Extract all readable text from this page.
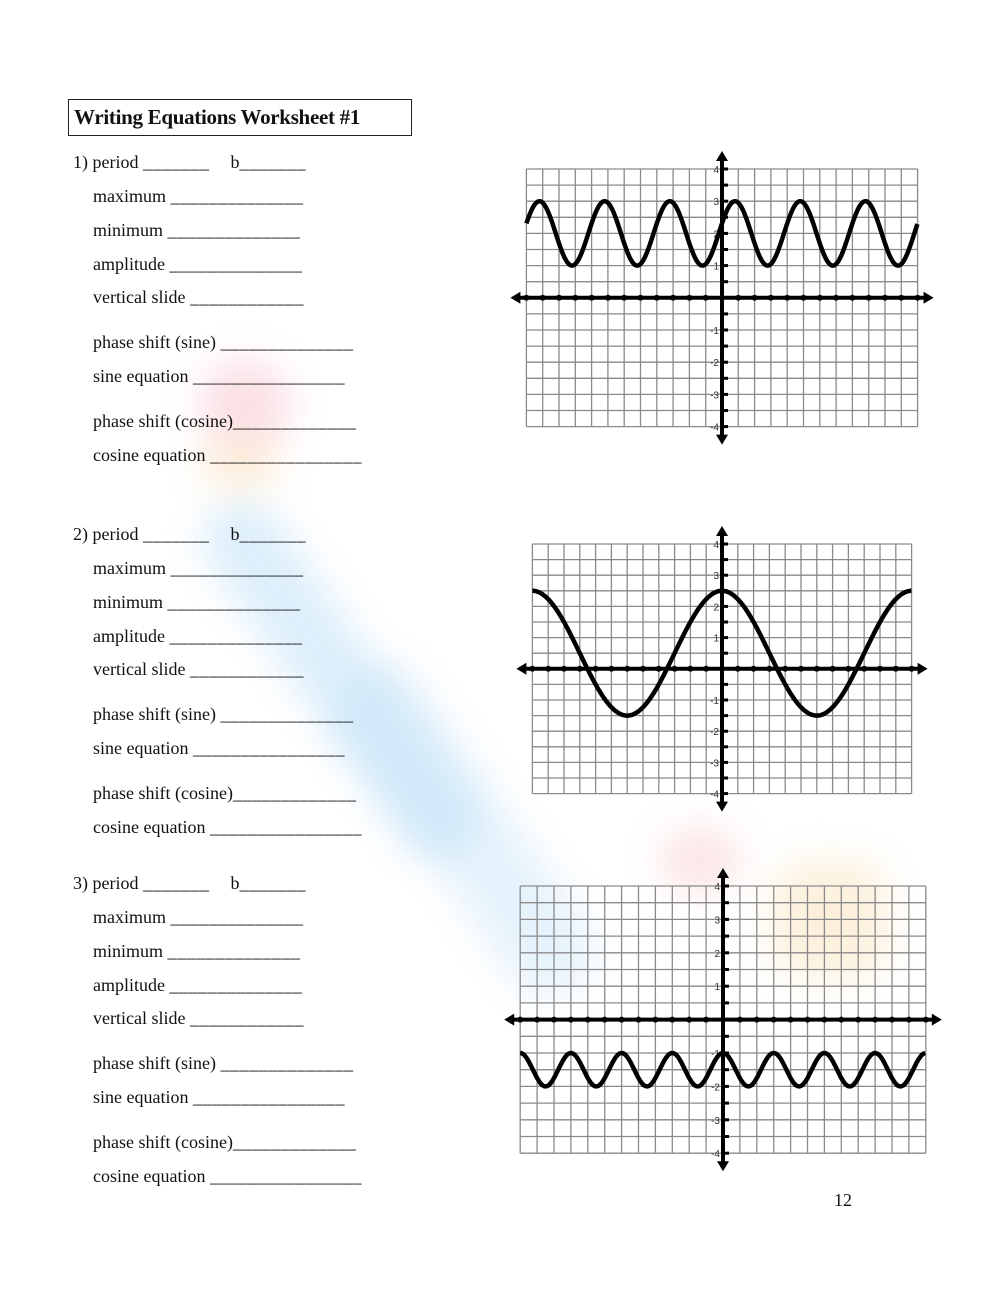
Writing Equations Worksheet #1
1) period _______ b_______
maximum ______________
minimum ______________
amplitude ______________
vertical slide ____________
phase shift (sine) ______________
sine equation ________________
phase shift (cosine)_____________
cosine equation ________________
2) period _______ b_______
maximum ______________
minimum ______________
amplitude ______________
vertical slide ____________
phase shift (sine) ______________
sine equation ________________
phase shift (cosine)_____________
cosine equation ________________
3) period _______ b_______
maximum ______________
minimum ______________
amplitude ______________
vertical slide ____________
phase shift (sine) ______________
sine equation ________________
phase shift (cosine)_____________
cosine equation ________________
4
3
2
1
-1
-2
-3
-4
4
3
2
1
-1
-2
-3
-4
4
3
2
1
-1
-2
-3
-4
12
